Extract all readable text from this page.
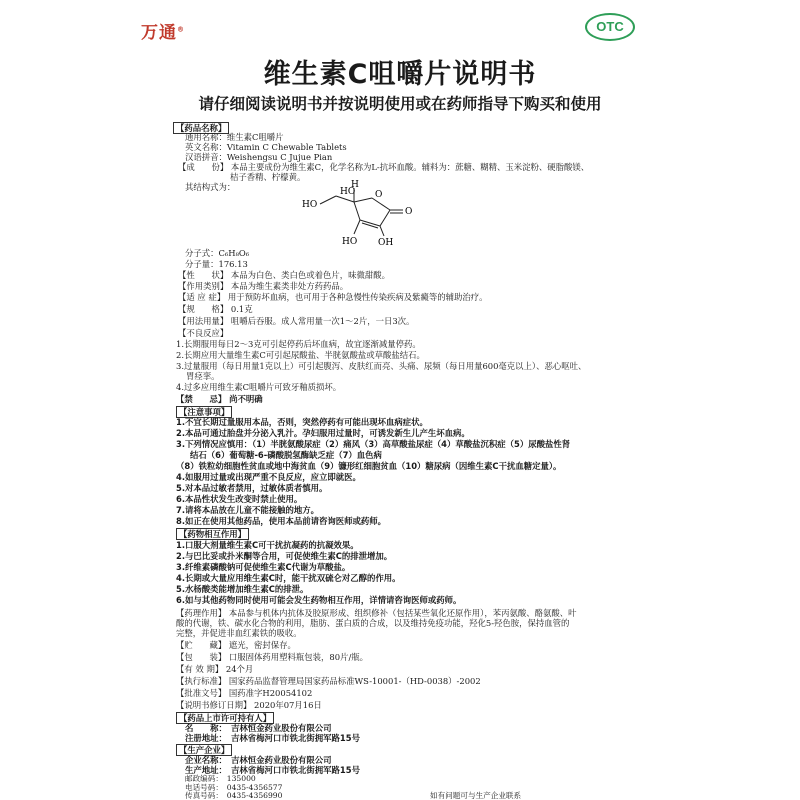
万通®	OTC
维生素C咀嚼片说明书
请仔细阅读说明书并按说明使用或在药师指导下购买和使用
HO
H
HO O
O
HO OH
【药品名称】
通用名称：维生素C咀嚼片
英文名称：Vitamin C Chewable Tablets
汉语拼音：Weishengsu C Jujue Pian
【成　　份】 本品主要成份为维生素C，化学名称为L-抗坏血酸。辅料为：蔗糖、糊精、玉米淀粉、硬脂酸镁、
桔子香精、柠檬黄。
其结构式为：
分子式：C₆H₈O₆
分子量：176.13
【性　　状】 本品为白色、类白色或着色片，味微甜酸。
【作用类别】 本品为维生素类非处方药药品。
【适 应 症】 用于预防坏血病，也可用于各种急慢性传染疾病及紫癜等的辅助治疗。
【规　　格】 0.1克
【用法用量】 咀嚼后吞服。成人常用量一次1～2片，一日3次。
【不良反应】
1.长期服用每日2～3克可引起停药后坏血病，故宜逐渐减量停药。
2.长期应用大量维生素C可引起尿酸盐、半胱氨酸盐或草酸盐结石。
3.过量服用（每日用量1克以上）可引起腹泻、皮肤红而亮、头痛、尿频（每日用量600毫克以上）、恶心呕吐、
胃痉挛。
4.过多应用维生素C咀嚼片可致牙釉质损坏。
【禁　　忌】 尚不明确
【注意事项】
1.不宜长期过量服用本品，否则，突然停药有可能出现坏血病症状。
2.本品可通过胎盘并分泌入乳汁。孕妇服用过量时，可诱发新生儿产生坏血病。
3.下列情况应慎用：（1）半胱氨酸尿症（2）痛风（3）高草酸盐尿症（4）草酸盐沉积症（5）尿酸盐性肾
结石（6）葡萄糖-6-磷酸脱氢酶缺乏症（7）血色病
（8）铁粒幼细胞性贫血或地中海贫血（9）镰形红细胞贫血（10）糖尿病（因维生素C干扰血糖定量）。
4.如服用过量或出现严重不良反应，应立即就医。
5.对本品过敏者禁用，过敏体质者慎用。
6.本品性状发生改变时禁止使用。
7.请将本品放在儿童不能接触的地方。
8.如正在使用其他药品，使用本品前请咨询医师或药师。
【药物相互作用】
1.口服大剂量维生素C可干扰抗凝药的抗凝效果。
2.与巴比妥或扑米酮等合用，可促使维生素C的排泄增加。
3.纤维素磷酸钠可促使维生素C代谢为草酸盐。
4.长期或大量应用维生素C时，能干扰双硫仑对乙醇的作用。
5.水杨酸类能增加维生素C的排泄。
6.如与其他药物同时使用可能会发生药物相互作用，详情请咨询医师或药师。
【药理作用】 本品参与机体内抗体及胶原形成、组织修补（包括某些氧化还原作用），苯丙氨酸、酪氨酸、叶
酸的代谢，铁、碳水化合物的利用，脂肪、蛋白质的合成，以及维持免疫功能，羟化5-羟色胺，保持血管的
完整，并促进非血红素铁的吸收。
【贮　　藏】 遮光，密封保存。
【包　　装】 口服固体药用塑料瓶包装，80片/瓶。
【有 效 期】 24个月
【执行标准】 国家药品监督管理局国家药品标准WS-10001-（HD-0038）-2002
【批准文号】 国药准字H20054102
【说明书修订日期】 2020年07月16日
【药品上市许可持有人】
名　　称：　吉林恒金药业股份有限公司
注册地址：　吉林省梅河口市铁北街拥军路15号
【生产企业】
企业名称：　吉林恒金药业股份有限公司
生产地址：　吉林省梅河口市铁北街拥军路15号
邮政编码：　135000
电话号码：　0435-4356577
传真号码：　0435-4356990	如有问题可与生产企业联系
